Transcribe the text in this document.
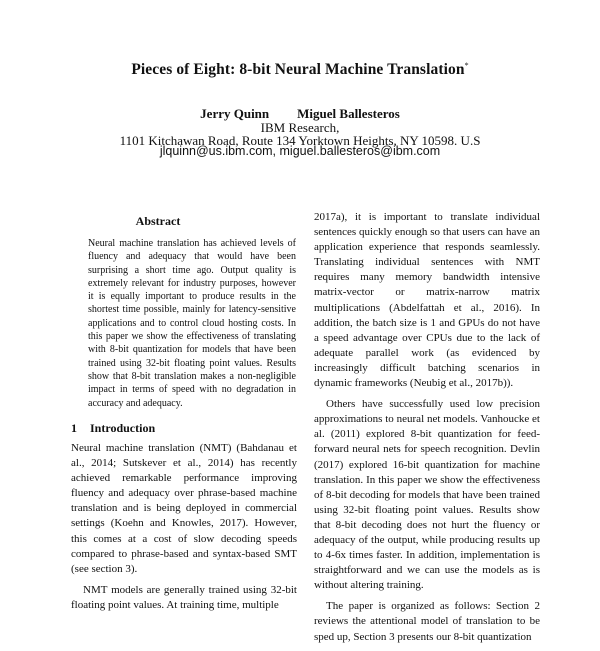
Pieces of Eight: 8-bit Neural Machine Translation*
Jerry Quinn Miguel Ballesteros
IBM Research,
1101 Kitchawan Road, Route 134 Yorktown Heights, NY 10598. U.S
jlquinn@us.ibm.com, miguel.ballesteros@ibm.com
Abstract

Neural machine translation has achieved levels of fluency and adequacy that would have been surprising a short time ago. Output quality is extremely relevant for industry purposes, however it is equally important to produce results in the shortest time possible, mainly for latency-sensitive applications and to control cloud hosting costs. In this paper we show the effectiveness of translating with 8-bit quantization for models that have been trained using 32-bit floating point values. Results show that 8-bit translation makes a non-negligible impact in terms of speed with no degradation in accuracy and adequacy.

1 Introduction

Neural machine translation (NMT) (Bahdanau et al., 2014; Sutskever et al., 2014) has recently achieved remarkable performance improving fluency and adequacy over phrase-based machine translation and is being deployed in commercial settings (Koehn and Knowles, 2017). However, this comes at a cost of slow decoding speeds compared to phrase-based and syntax-based SMT (see section 3).

NMT models are generally trained using 32-bit floating point values. At training time, multiple

2017a), it is important to translate individual sentences quickly enough so that users can have an application experience that responds seamlessly. Translating individual sentences with NMT requires many memory bandwidth intensive matrix-vector or matrix-narrow matrix multiplications (Abdelfattah et al., 2016). In addition, the batch size is 1 and GPUs do not have a speed advantage over CPUs due to the lack of adequate parallel work (as evidenced by increasingly difficult batching scenarios in dynamic frameworks (Neubig et al., 2017b)).

Others have successfully used low precision approximations to neural net models. Vanhoucke et al. (2011) explored 8-bit quantization for feed-forward neural nets for speech recognition. Devlin (2017) explored 16-bit quantization for machine translation. In this paper we show the effectiveness of 8-bit decoding for models that have been trained using 32-bit floating point values. Results show that 8-bit decoding does not hurt the fluency or adequacy of the output, while producing results up to 4-6x times faster. In addition, implementation is straightforward and we can use the models as is without altering training.

The paper is organized as follows: Section 2 reviews the attentional model of translation to be sped up, Section 3 presents our 8-bit quantization
